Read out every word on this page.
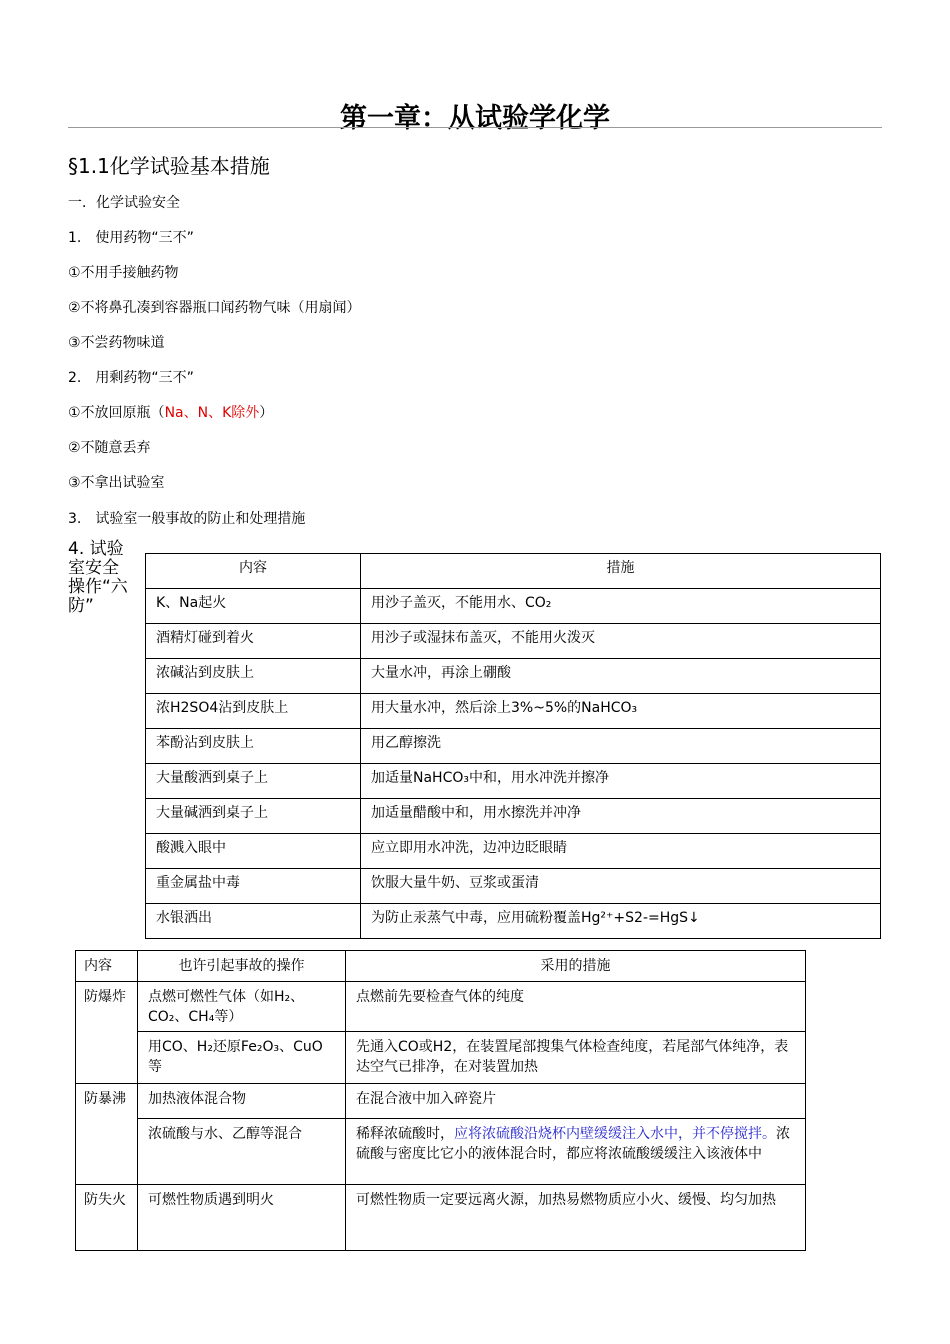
第一章：从试验学化学
§1.1化学试验基本措施
一．化学试验安全
1.　使用药物“三不”
①不用手接触药物
②不将鼻孔凑到容器瓶口闻药物气味（用扇闻）
③不尝药物味道
2.　用剩药物“三不”
①不放回原瓶（Na、N、K除外）
②不随意丢弃
③不拿出试验室
3.　试验室一般事故的防止和处理措施
4. 试验室安全操作“六防”
内容	措施
K、Na起火	用沙子盖灭，不能用水、CO₂
酒精灯碰到着火	用沙子或湿抹布盖灭，不能用火泼灭
浓碱沾到皮肤上	大量水冲，再涂上硼酸
浓H2SO4沾到皮肤上	用大量水冲，然后涂上3%~5%的NaHCO₃
苯酚沾到皮肤上	用乙醇擦洗
大量酸洒到桌子上	加适量NaHCO₃中和，用水冲洗并擦净
大量碱洒到桌子上	加适量醋酸中和，用水擦洗并冲净
酸溅入眼中	应立即用水冲洗，边冲边眨眼睛
重金属盐中毒	饮服大量牛奶、豆浆或蛋清
水银洒出	为防止汞蒸气中毒，应用硫粉覆盖Hg²⁺+S2-=HgS↓
内容	也许引起事故的操作	采用的措施
防爆炸	点燃可燃性气体（如H₂、CO₂、CH₄等）	点燃前先要检查气体的纯度
	用CO、H₂还原Fe₂O₃、CuO等	先通入CO或H2，在装置尾部搜集气体检查纯度，若尾部气体纯净，表达空气已排净，在对装置加热
防暴沸	加热液体混合物	在混合液中加入碎瓷片
	浓硫酸与水、乙醇等混合	稀释浓硫酸时，应将浓硫酸沿烧杯内壁缓缓注入水中，并不停搅拌。浓硫酸与密度比它小的液体混合时，都应将浓硫酸缓缓注入该液体中
防失火	可燃性物质遇到明火	可燃性物质一定要远离火源，加热易燃物质应小火、缓慢、均匀加热
